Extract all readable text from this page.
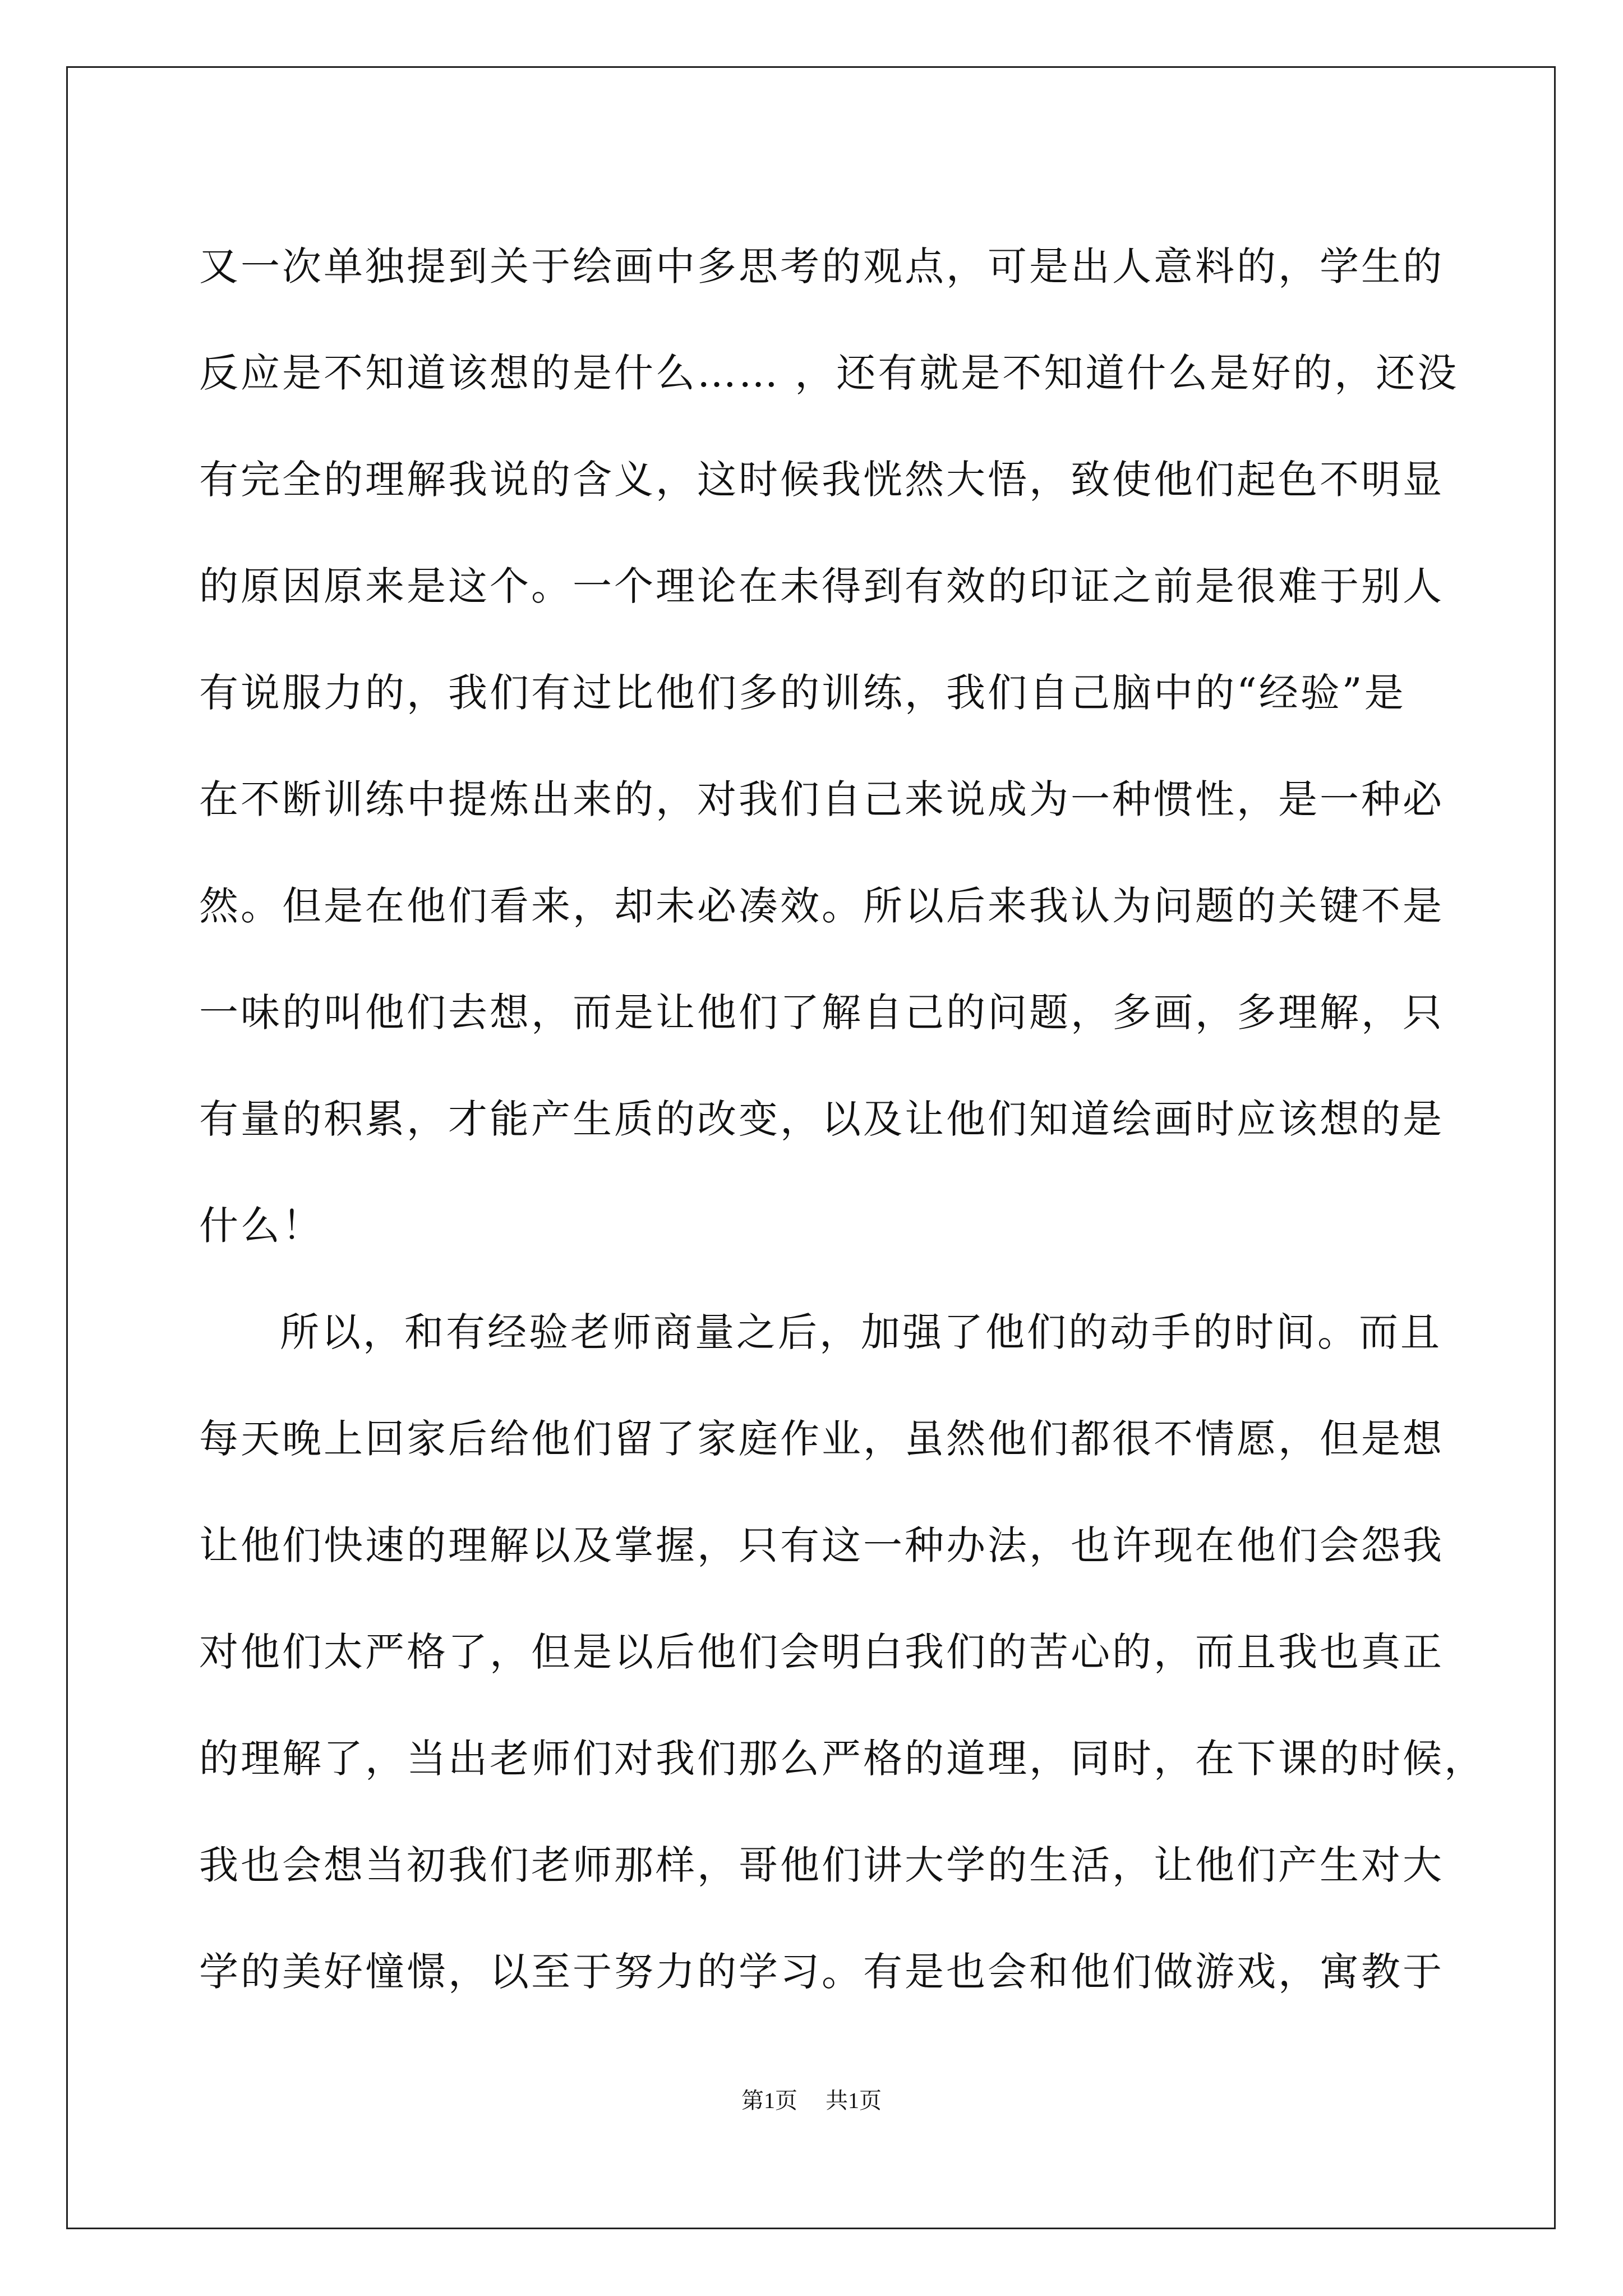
又一次单独提到关于绘画中多思考的观点，可是出人意料的，学生的
反应是不知道该想的是什么…… ，还有就是不知道什么是好的，还没
有完全的理解我说的含义，这时候我恍然大悟，致使他们起色不明显
的原因原来是这个。一个理论在未得到有效的印证之前是很难于别人
有说服力的，我们有过比他们多的训练，我们自己脑中的“经验”是
在不断训练中提炼出来的，对我们自己来说成为一种惯性，是一种必
然。但是在他们看来，却未必凑效。所以后来我认为问题的关键不是
一味的叫他们去想，而是让他们了解自己的问题，多画，多理解，只
有量的积累，才能产生质的改变，以及让他们知道绘画时应该想的是
什么！
所以，和有经验老师商量之后，加强了他们的动手的时间。而且
每天晚上回家后给他们留了家庭作业，虽然他们都很不情愿，但是想
让他们快速的理解以及掌握，只有这一种办法，也许现在他们会怨我
对他们太严格了，但是以后他们会明白我们的苦心的，而且我也真正
的理解了，当出老师们对我们那么严格的道理，同时，在下课的时候，
我也会想当初我们老师那样，哥他们讲大学的生活，让他们产生对大
学的美好憧憬，以至于努力的学习。有是也会和他们做游戏，寓教于
第1页 共1页
